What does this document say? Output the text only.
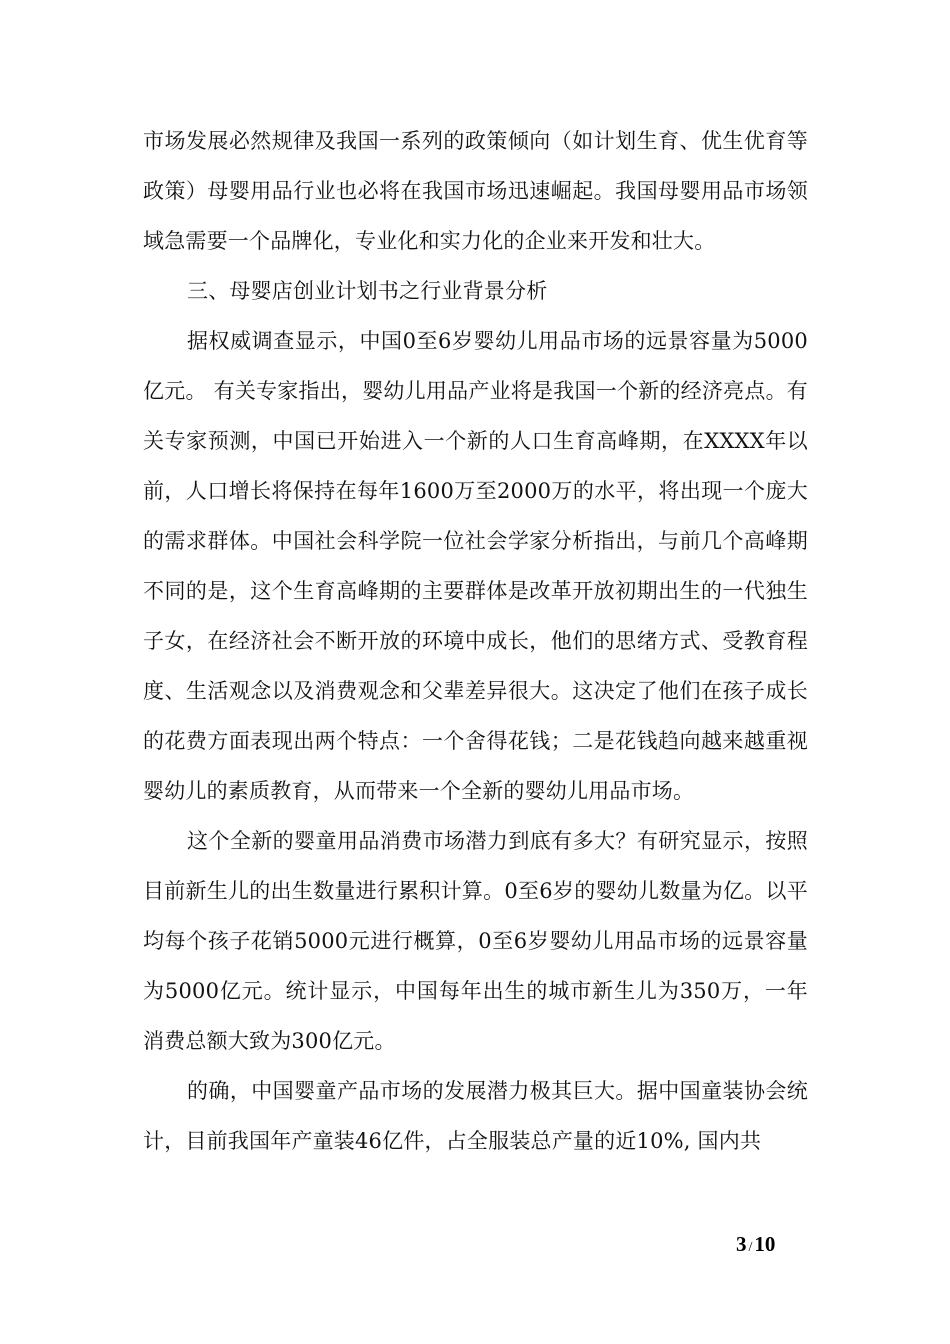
市场发展必然规律及我国一系列的政策倾向（如计划生育、优生优育等政策）母婴用品行业也必将在我国市场迅速崛起。我国母婴用品市场领域急需要一个品牌化，专业化和实力化的企业来开发和壮大。

三、母婴店创业计划书之行业背景分析

据权威调查显示，中国0至6岁婴幼儿用品市场的远景容量为5000亿元。 有关专家指出，婴幼儿用品产业将是我国一个新的经济亮点。有关专家预测，中国已开始进入一个新的人口生育高峰期，在XXXX年以前，人口增长将保持在每年1600万至2000万的水平，将出现一个庞大的需求群体。中国社会科学院一位社会学家分析指出，与前几个高峰期不同的是，这个生育高峰期的主要群体是改革开放初期出生的一代独生子女，在经济社会不断开放的环境中成长，他们的思绪方式、受教育程度、生活观念以及消费观念和父辈差异很大。这决定了他们在孩子成长的花费方面表现出两个特点：一个舍得花钱；二是花钱趋向越来越重视婴幼儿的素质教育，从而带来一个全新的婴幼儿用品市场。

这个全新的婴童用品消费市场潜力到底有多大？有研究显示，按照目前新生儿的出生数量进行累积计算。0至6岁的婴幼儿数量为亿。以平均每个孩子花销5000元进行概算，0至6岁婴幼儿用品市场的远景容量为5000亿元。统计显示，中国每年出生的城市新生儿为350万，一年消费总额大致为300亿元。

的确，中国婴童产品市场的发展潜力极其巨大。据中国童装协会统计，目前我国年产童装46亿件，占全服装总产量的近10%, 国内共

3 /10
